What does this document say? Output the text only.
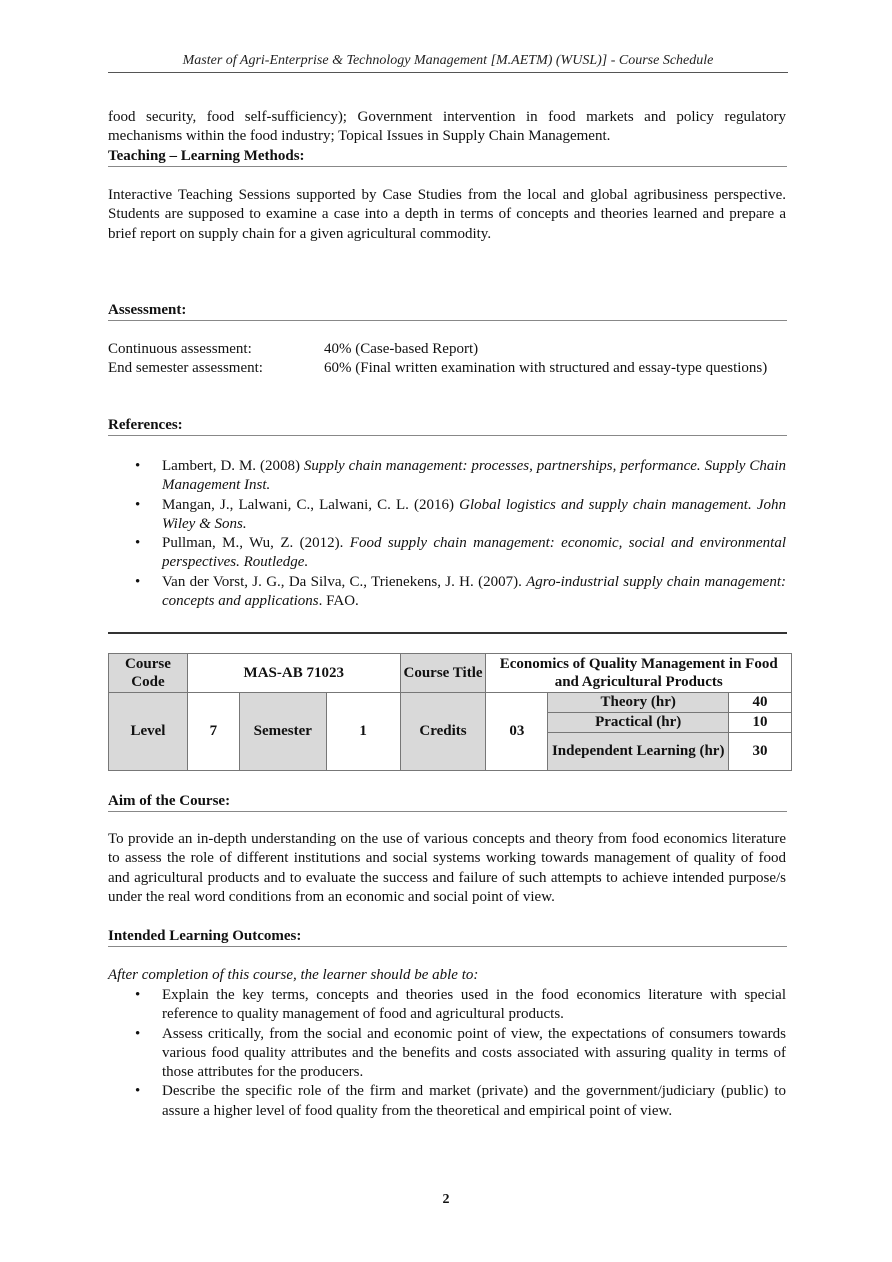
Master of Agri-Enterprise & Technology Management [M.AETM) (WUSL)] - Course Schedule
food security, food self-sufficiency); Government intervention in food markets and policy regulatory mechanisms within the food industry; Topical Issues in Supply Chain Management.
Teaching – Learning Methods:
Interactive Teaching Sessions supported by Case Studies from the local and global agribusiness perspective. Students are supposed to examine a case into a depth in terms of concepts and theories learned and prepare a brief report on supply chain for a given agricultural commodity.
Assessment:
Continuous assessment:	40% (Case-based Report)
End semester assessment:	60% (Final written examination with structured and essay-type questions)
References:
• Lambert, D. M. (2008) Supply chain management: processes, partnerships, performance. Supply Chain Management Inst.
• Mangan, J., Lalwani, C., Lalwani, C. L. (2016) Global logistics and supply chain management. John Wiley & Sons.
• Pullman, M., Wu, Z. (2012). Food supply chain management: economic, social and environmental perspectives. Routledge.
• Van der Vorst, J. G., Da Silva, C., Trienekens, J. H. (2007). Agro-industrial supply chain management: concepts and applications. FAO.
Course Code	MAS-AB 71023			Course Title	Economics of Quality Management in Food and Agricultural Products		
Level	7	Semester	1	Credits	03	Theory (hr)	40
						Practical (hr)	10
						Independent Learning (hr)	30
Aim of the Course:
To provide an in-depth understanding on the use of various concepts and theory from food economics literature to assess the role of different institutions and social systems working towards management of quality of food and agricultural products and to evaluate the success and failure of such attempts to achieve intended purpose/s under the real word conditions from an economic and social point of view.
Intended Learning Outcomes:
After completion of this course, the learner should be able to:
• Explain the key terms, concepts and theories used in the food economics literature with special reference to quality management of food and agricultural products.
• Assess critically, from the social and economic point of view, the expectations of consumers towards various food quality attributes and the benefits and costs associated with assuring quality in terms of those attributes for the producers.
• Describe the specific role of the firm and market (private) and the government/judiciary (public) to assure a higher level of food quality from the theoretical and empirical point of view.
2
